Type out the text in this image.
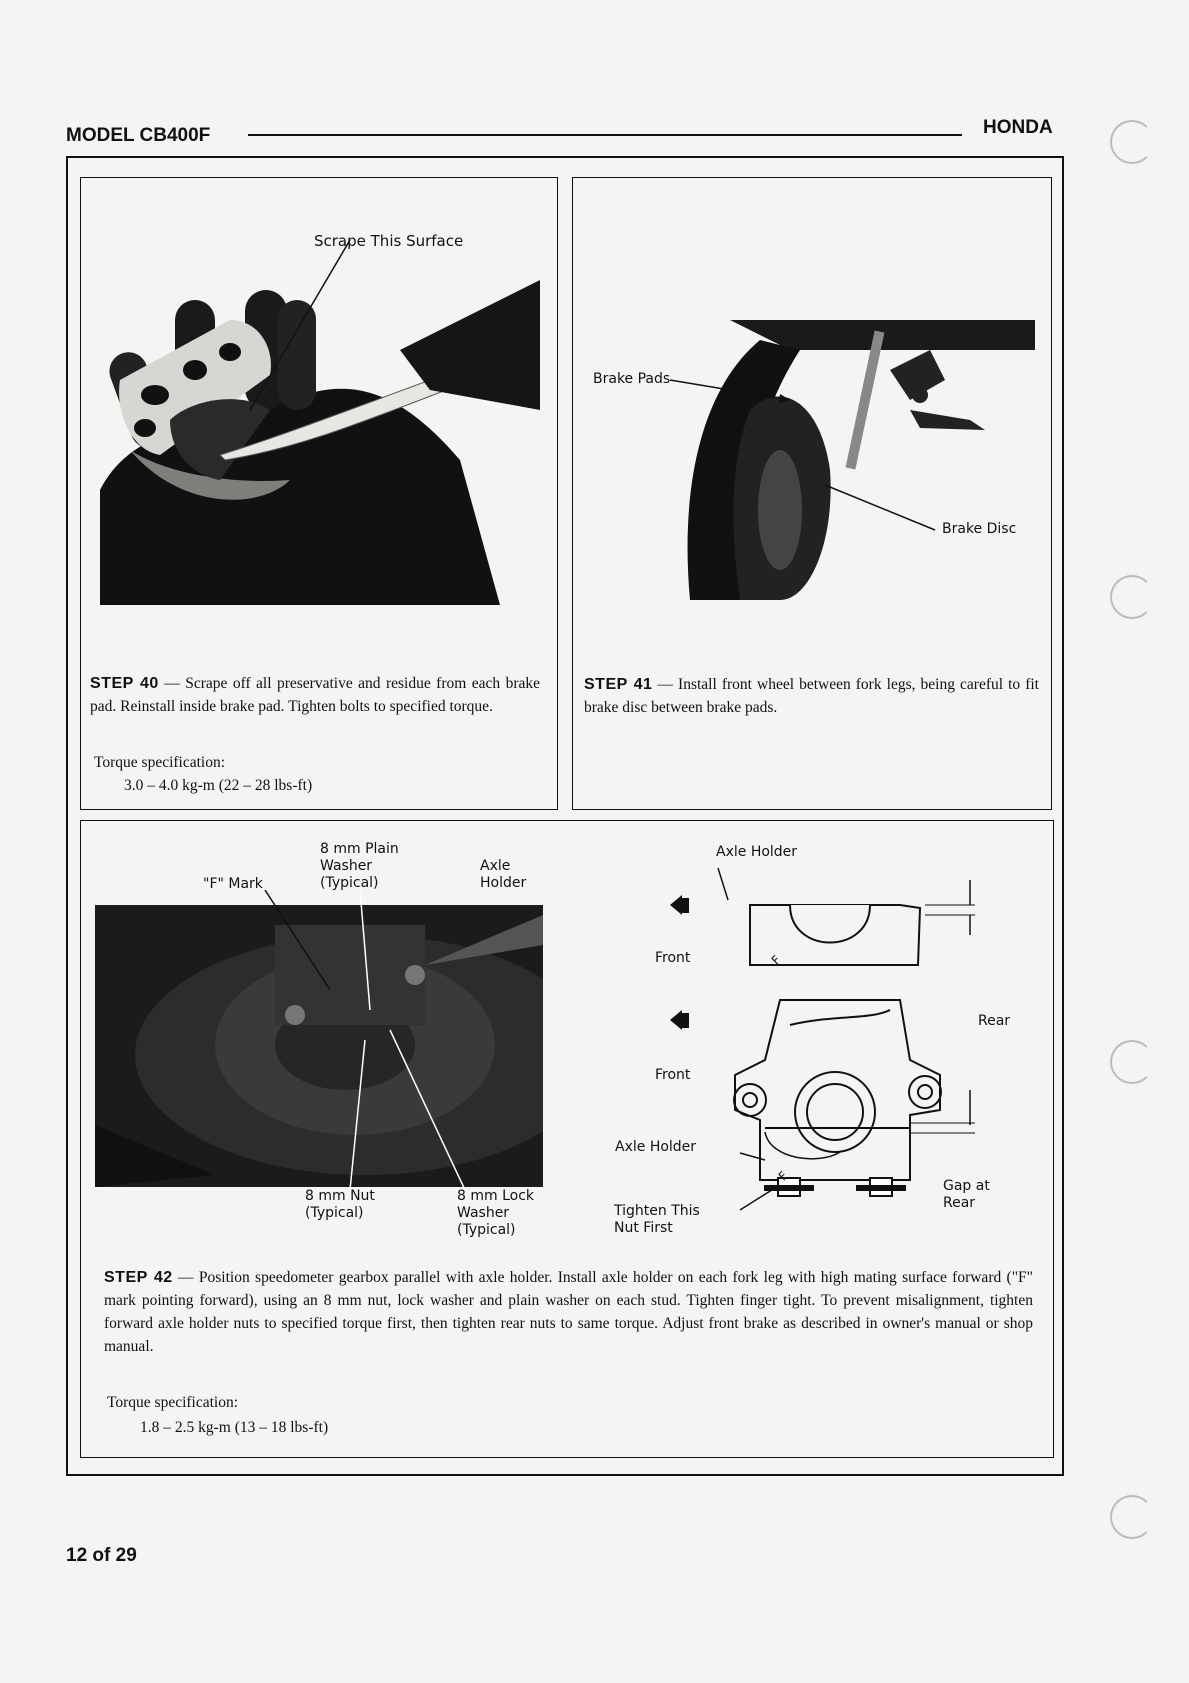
MODEL CB400F	HONDA
Scrape This Surface
STEP 40 — Scrape off all preservative and residue from each brake pad. Reinstall inside brake pad. Tighten bolts to specified torque.
Torque specification:
3.0 – 4.0 kg-m (22 – 28 lbs-ft)
Brake Pads
Brake Disc
STEP 41 — Install front wheel between fork legs, being careful to fit brake disc between brake pads.
"F" Mark
8 mm Plain Washer (Typical)
Axle Holder
8 mm Nut (Typical)
8 mm Lock Washer (Typical)
F
F
Axle Holder
Front
Front
Rear
Axle Holder
Gap at Rear
Tighten This Nut First
STEP 42 — Position speedometer gearbox parallel with axle holder. Install axle holder on each fork leg with high mating surface forward ("F" mark pointing forward), using an 8 mm nut, lock washer and plain washer on each stud. Tighten finger tight. To prevent misalignment, tighten forward axle holder nuts to specified torque first, then tighten rear nuts to same torque. Adjust front brake as described in owner's manual or shop manual.
Torque specification:
1.8 – 2.5 kg-m (13 – 18 lbs-ft)
12 of 29
